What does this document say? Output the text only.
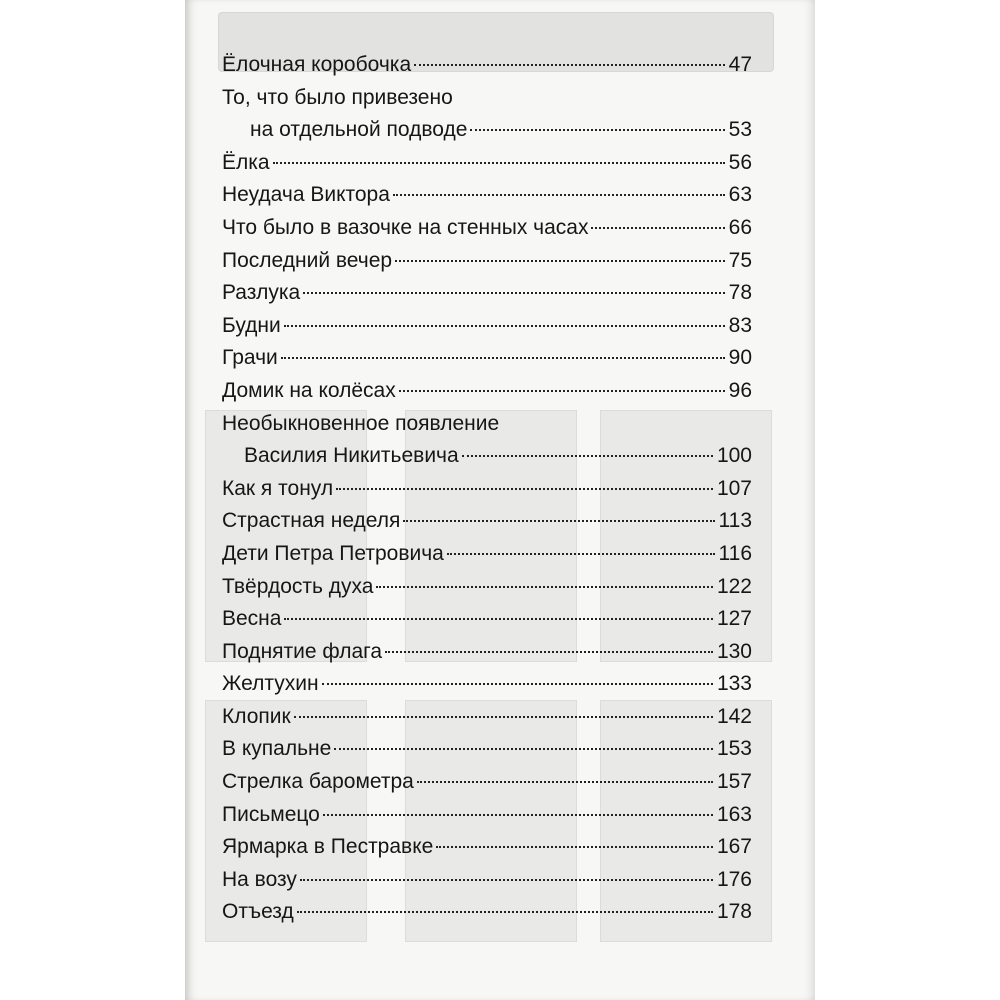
Ёлочная коробочка	47
То, что было привезено
на отдельной подводе	53
Ёлка	56
Неудача Виктора	63
Что было в вазочке на стенных часах	66
Последний вечер	75
Разлука	78
Будни	83
Грачи	90
Домик на колёсах	96
Необыкновенное появление
Василия Никитьевича	100
Как я тонул	107
Страстная неделя	113
Дети Петра Петровича	116
Твёрдость духа	122
Весна	127
Поднятие флага	130
Желтухин	133
Клопик	142
В купальне	153
Стрелка барометра	157
Письмецо	163
Ярмарка в Пестравке	167
На возу	176
Отъезд	178
